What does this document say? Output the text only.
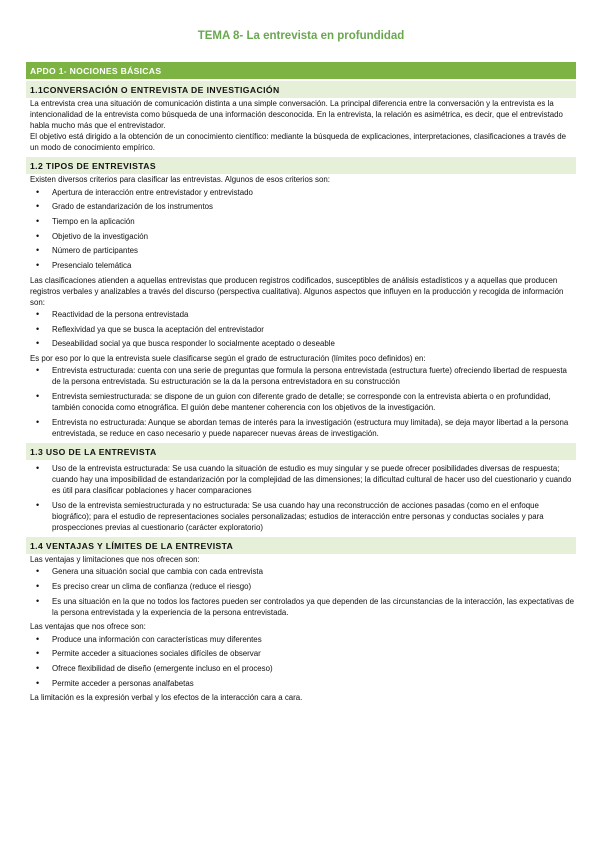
TEMA 8- La entrevista en profundidad
APDO 1- NOCIONES BÁSICAS
1.1CONVERSACIÓN O ENTREVISTA DE INVESTIGACIÓN

La entrevista crea una situación de comunicación distinta a una simple conversación. La principal diferencia entre la conversación y la entrevista es la intencionalidad de la entrevista como búsqueda de una información desconocida. En la entrevista, la relación es asimétrica, es decir, que el entrevistado habla mucho más que el entrevistador.

El objetivo está dirigido a la obtención de un conocimiento científico: mediante la búsqueda de explicaciones, interpretaciones, clasificaciones a través de un modo de conocimiento empírico.

1.2 TIPOS DE ENTREVISTAS

Existen diversos criterios para clasificar las entrevistas. Algunos de esos criterios son:

• Apertura de interacción entre entrevistador y entrevistado
• Grado de estandarización de los instrumentos
• Tiempo en la aplicación
• Objetivo de la investigación
• Número de participantes
• Presencialo telemática

Las clasificaciones atienden a aquellas entrevistas que producen registros codificados, susceptibles de análisis estadísticos y a aquellas que producen registros verbales y analizables a través del discurso (perspectiva cualitativa). Algunos aspectos que influyen en la producción y recogida de información son:

• Reactividad de la persona entrevistada
• Reflexividad ya que se busca la aceptación del entrevistador
• Deseabilidad social ya que busca responder lo socialmente aceptado o deseable

Es por eso por lo que la entrevista suele clasificarse según el grado de estructuración (límites poco definidos) en:

• Entrevista estructurada: cuenta con una serie de preguntas que formula la persona entrevistada (estructura fuerte) ofreciendo libertad de respuesta de la persona entrevistada. Su estructuración se la da la persona entrevistadora en su construcción
• Entrevista semiestructurada: se dispone de un guion con diferente grado de detalle; se corresponde con la entrevista abierta o en profundidad, también conocida como etnográfica. El guión debe mantener coherencia con los objetivos de la investigación.
• Entrevista no estructurada: Aunque se abordan temas de interés para la investigación (estructura muy limitada), se deja mayor libertad a la persona entrevistada, se reduce en caso necesario y puede naparecer nuevas áreas de investigación.
1.3 USO DE LA ENTREVISTA
• Uso de la entrevista estructurada: Se usa cuando la situación de estudio es muy singular y se puede ofrecer posibilidades diversas de respuesta; cuando hay una imposibilidad de estandarización por la complejidad de las dimensiones; la dificultad cultural de hacer uso del cuestionario y cuando es útil para clasificar poblaciones y hacer comparaciones
• Uso de la entrevista semiestructurada y no estructurada: Se usa cuando hay una reconstrucción de acciones pasadas (como en el enfoque biográfico); para el estudio de representaciones sociales personalizadas; estudios de interacción entre personas y conductas sociales y para prospecciones previas al cuestionario (carácter exploratorio)
1.4 VENTAJAS Y LÍMITES DE LA ENTREVISTA

Las ventajas y limitaciones que nos ofrecen son:

• Genera una situación social que cambia con cada entrevista
• Es preciso crear un clima de confianza (reduce el riesgo)
• Es una situación en la que no todos los factores pueden ser controlados ya que dependen de las circunstancias de la interacción, las expectativas de la persona entrevistada y la experiencia de la persona entrevistada.

Las ventajas que nos ofrece son:

• Produce una información con características muy diferentes
• Permite acceder a situaciones sociales difíciles de observar
• Ofrece flexibilidad de diseño (emergente incluso en el proceso)
• Permite acceder a personas analfabetas

La limitación es la expresión verbal y los efectos de la interacción cara a cara.
